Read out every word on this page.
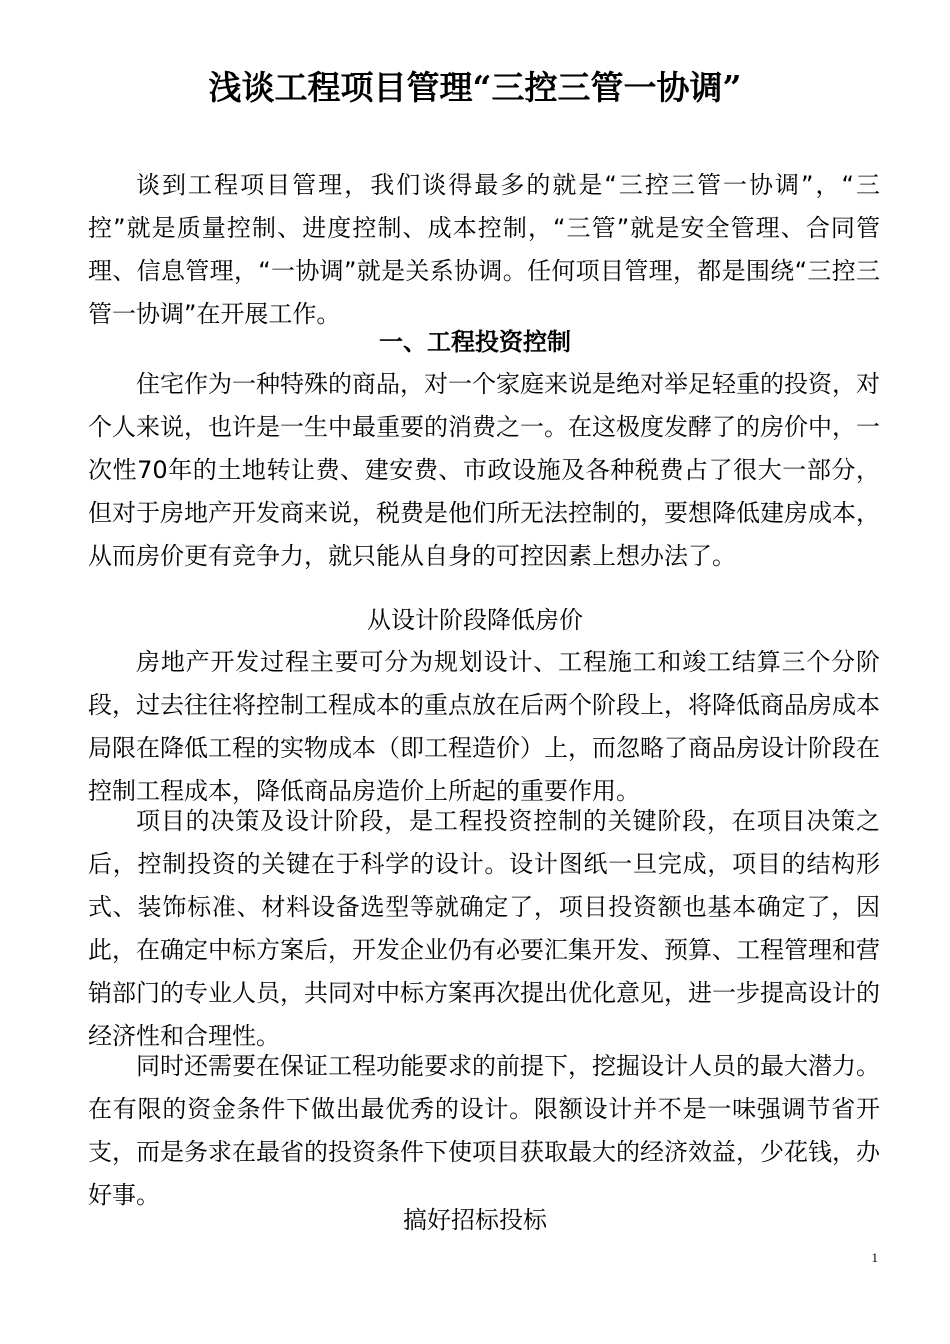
浅谈工程项目管理“三控三管一协调”

谈到工程项目管理，我们谈得最多的就是“三控三管一协调”，“三控”就是质量控制、进度控制、成本控制，“三管”就是安全管理、合同管理、信息管理，“一协调”就是关系协调。任何项目管理，都是围绕“三控三管一协调”在开展工作。

一、工程投资控制

住宅作为一种特殊的商品，对一个家庭来说是绝对举足轻重的投资，对个人来说，也许是一生中最重要的消费之一。在这极度发酵了的房价中，一次性70年的土地转让费、建安费、市政设施及各种税费占了很大一部分，但对于房地产开发商来说，税费是他们所无法控制的，要想降低建房成本，从而房价更有竞争力，就只能从自身的可控因素上想办法了。

从设计阶段降低房价

房地产开发过程主要可分为规划设计、工程施工和竣工结算三个分阶段，过去往往将控制工程成本的重点放在后两个阶段上，将降低商品房成本局限在降低工程的实物成本（即工程造价）上，而忽略了商品房设计阶段在控制工程成本，降低商品房造价上所起的重要作用。

项目的决策及设计阶段，是工程投资控制的关键阶段，在项目决策之后，控制投资的关键在于科学的设计。设计图纸一旦完成，项目的结构形式、装饰标准、材料设备选型等就确定了，项目投资额也基本确定了，因此，在确定中标方案后，开发企业仍有必要汇集开发、预算、工程管理和营销部门的专业人员，共同对中标方案再次提出优化意见，进一步提高设计的经济性和合理性。

同时还需要在保证工程功能要求的前提下，挖掘设计人员的最大潜力。在有限的资金条件下做出最优秀的设计。限额设计并不是一味强调节省开支，而是务求在最省的投资条件下使项目获取最大的经济效益，少花钱，办好事。

搞好招标投标
1
